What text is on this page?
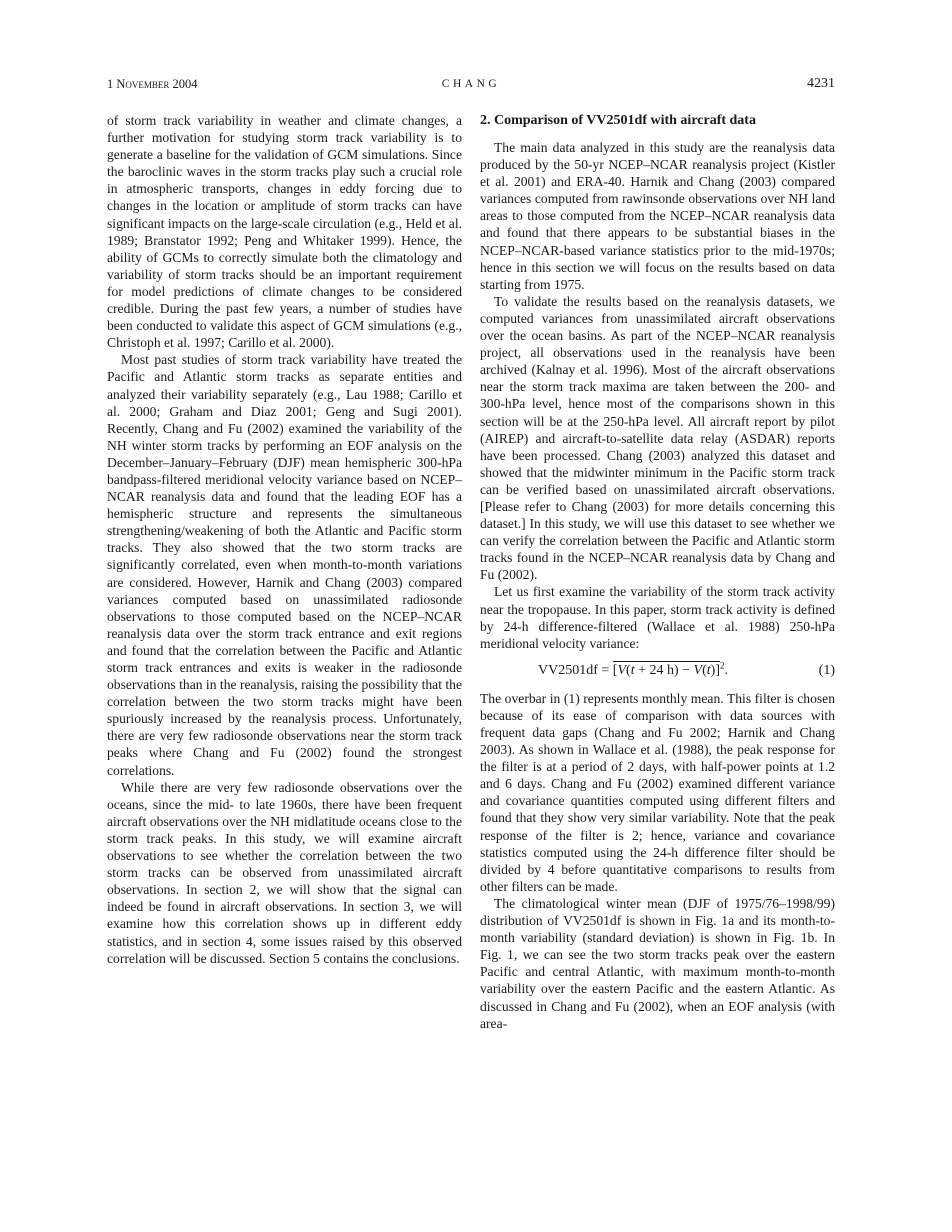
1 November 2004	CHANG	4231

of storm track variability in weather and climate changes, a further motivation for studying storm track variability is to generate a baseline for the validation of GCM simulations. Since the baroclinic waves in the storm tracks play such a crucial role in atmospheric transports, changes in eddy forcing due to changes in the location or amplitude of storm tracks can have significant impacts on the large-scale circulation (e.g., Held et al. 1989; Branstator 1992; Peng and Whitaker 1999). Hence, the ability of GCMs to correctly simulate both the climatology and variability of storm tracks should be an important requirement for model predictions of climate changes to be considered credible. During the past few years, a number of studies have been conducted to validate this aspect of GCM simulations (e.g., Christoph et al. 1997; Carillo et al. 2000).

Most past studies of storm track variability have treated the Pacific and Atlantic storm tracks as separate entities and analyzed their variability separately (e.g., Lau 1988; Carillo et al. 2000; Graham and Diaz 2001; Geng and Sugi 2001). Recently, Chang and Fu (2002) examined the variability of the NH winter storm tracks by performing an EOF analysis on the December–January–February (DJF) mean hemispheric 300-hPa bandpass-filtered meridional velocity variance based on NCEP–NCAR reanalysis data and found that the leading EOF has a hemispheric structure and represents the simultaneous strengthening/weakening of both the Atlantic and Pacific storm tracks. They also showed that the two storm tracks are significantly correlated, even when month-to-month variations are considered. However, Harnik and Chang (2003) compared variances computed based on unassimilated radiosonde observations to those computed based on the NCEP–NCAR reanalysis data over the storm track entrance and exit regions and found that the correlation between the Pacific and Atlantic storm track entrances and exits is weaker in the radiosonde observations than in the reanalysis, raising the possibility that the correlation between the two storm tracks might have been spuriously increased by the reanalysis process. Unfortunately, there are very few radiosonde observations near the storm track peaks where Chang and Fu (2002) found the strongest correlations.

While there are very few radiosonde observations over the oceans, since the mid- to late 1960s, there have been frequent aircraft observations over the NH midlatitude oceans close to the storm track peaks. In this study, we will examine aircraft observations to see whether the correlation between the two storm tracks can be observed from unassimilated aircraft observations. In section 2, we will show that the signal can indeed be found in aircraft observations. In section 3, we will examine how this correlation shows up in different eddy statistics, and in section 4, some issues raised by this observed correlation will be discussed. Section 5 contains the conclusions.

2. Comparison of VV2501df with aircraft data

The main data analyzed in this study are the reanalysis data produced by the 50-yr NCEP–NCAR reanalysis project (Kistler et al. 2001) and ERA-40. Harnik and Chang (2003) compared variances computed from rawinsonde observations over NH land areas to those computed from the NCEP–NCAR reanalysis data and found that there appears to be substantial biases in the NCEP–NCAR-based variance statistics prior to the mid-1970s; hence in this section we will focus on the results based on data starting from 1975.

To validate the results based on the reanalysis datasets, we computed variances from unassimilated aircraft observations over the ocean basins. As part of the NCEP–NCAR reanalysis project, all observations used in the reanalysis have been archived (Kalnay et al. 1996). Most of the aircraft observations near the storm track maxima are taken between the 200- and 300-hPa level, hence most of the comparisons shown in this section will be at the 250-hPa level. All aircraft report by pilot (AIREP) and aircraft-to-satellite data relay (ASDAR) reports have been processed. Chang (2003) analyzed this dataset and showed that the midwinter minimum in the Pacific storm track can be verified based on unassimilated aircraft observations. [Please refer to Chang (2003) for more details concerning this dataset.] In this study, we will use this dataset to see whether we can verify the correlation between the Pacific and Atlantic storm tracks found in the NCEP–NCAR reanalysis data by Chang and Fu (2002).

Let us first examine the variability of the storm track activity near the tropopause. In this paper, storm track activity is defined by 24-h difference-filtered (Wallace et al. 1988) 250-hPa meridional velocity variance:

VV2501df = [V(t + 24 h) − V(t)]$^2$.	(1)

The overbar in (1) represents monthly mean. This filter is chosen because of its ease of comparison with data sources with frequent data gaps (Chang and Fu 2002; Harnik and Chang 2003). As shown in Wallace et al. (1988), the peak response for the filter is at a period of 2 days, with half-power points at 1.2 and 6 days. Chang and Fu (2002) examined different variance and covariance quantities computed using different filters and found that they show very similar variability. Note that the peak response of the filter is 2; hence, variance and covariance statistics computed using the 24-h difference filter should be divided by 4 before quantitative comparisons to results from other filters can be made.

The climatological winter mean (DJF of 1975/76–1998/99) distribution of VV2501df is shown in Fig. 1a and its month-to-month variability (standard deviation) is shown in Fig. 1b. In Fig. 1, we can see the two storm tracks peak over the eastern Pacific and central Atlantic, with maximum month-to-month variability over the eastern Pacific and the eastern Atlantic. As discussed in Chang and Fu (2002), when an EOF analysis (with area-
